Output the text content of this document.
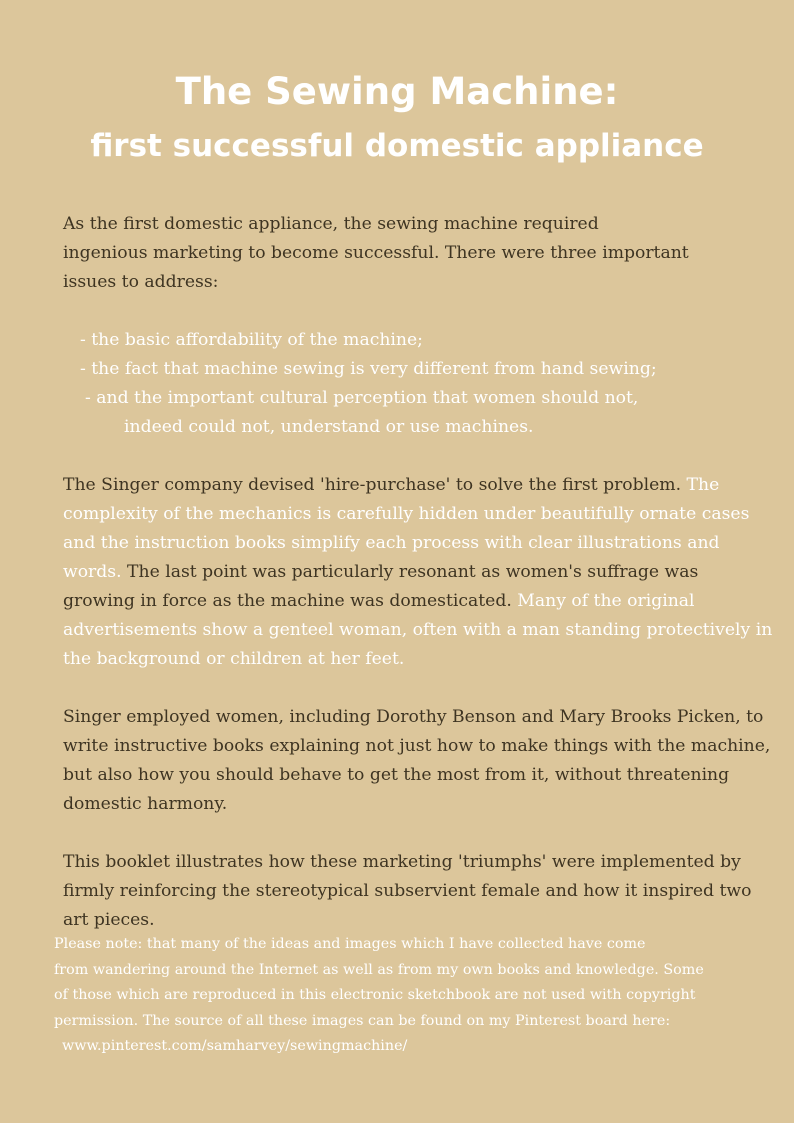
The Sewing Machine:
first successful domestic appliance
As the first domestic appliance, the sewing machine required
ingenious marketing to become successful. There were three important
issues to address:
- the basic affordability of the machine;
- the fact that machine sewing is very different from hand sewing;
- and the important cultural perception that women should not,
indeed could not, understand or use machines.

The Singer company devised 'hire-purchase' to solve the first problem. The complexity of the mechanics is carefully hidden under beautifully ornate cases and the instruction books simplify each process with clear illustrations and words. The last point was particularly resonant as women's suffrage was growing in force as the machine was domesticated. Many of the original advertisements show a genteel woman, often with a man standing protectively in the background or children at her feet.

Singer employed women, including Dorothy Benson and Mary Brooks Picken, to write instructive books explaining not just how to make things with the machine, but also how you should behave to get the most from it, without threatening domestic harmony.

This booklet illustrates how these marketing 'triumphs' were implemented by firmly reinforcing the stereotypical subservient female and how it inspired two art pieces.

Please note: that many of the ideas and images which I have collected have come
from wandering around the Internet as well as from my own books and knowledge. Some
of those which are reproduced in this electronic sketchbook are not used with copyright
permission. The source of all these images can be found on my Pinterest board here:
www.pinterest.com/samharvey/sewingmachine/
